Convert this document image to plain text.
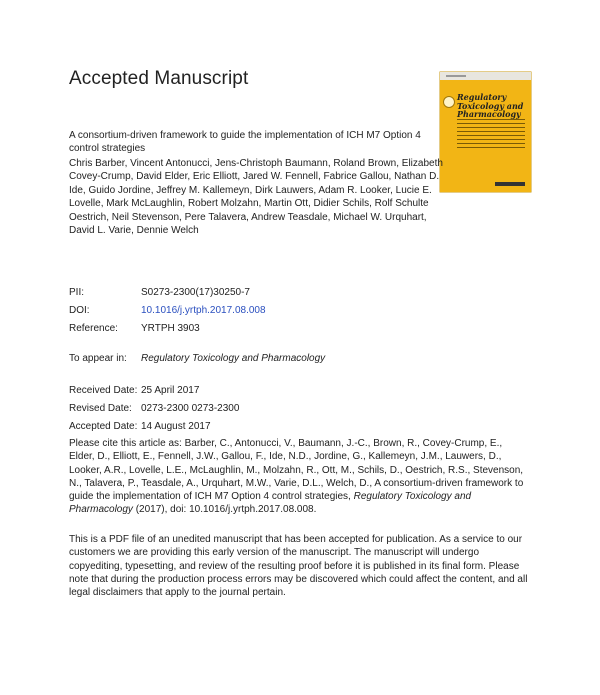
Accepted Manuscript
Regulatory Toxicology and Pharmacology
A consortium-driven framework to guide the implementation of ICH M7 Option 4 control strategies
Chris Barber, Vincent Antonucci, Jens-Christoph Baumann, Roland Brown, Elizabeth Covey-Crump, David Elder, Eric Elliott, Jared W. Fennell, Fabrice Gallou, Nathan D. Ide, Guido Jordine, Jeffrey M. Kallemeyn, Dirk Lauwers, Adam R. Looker, Lucie E. Lovelle, Mark McLaughlin, Robert Molzahn, Martin Ott, Didier Schils, Rolf Schulte Oestrich, Neil Stevenson, Pere Talavera, Andrew Teasdale, Michael W. Urquhart, David L. Varie, Dennie Welch
PII:	S0273-2300(17)30250-7
DOI:	10.1016/j.yrtph.2017.08.008
Reference: YRTPH 3903
To appear in: Regulatory Toxicology and Pharmacology
Received Date: 25 April 2017
Revised Date: 0273-2300 0273-2300
Accepted Date: 14 August 2017
Please cite this article as: Barber, C., Antonucci, V., Baumann, J.-C., Brown, R., Covey-Crump, E., Elder, D., Elliott, E., Fennell, J.W., Gallou, F., Ide, N.D., Jordine, G., Kallemeyn, J.M., Lauwers, D., Looker, A.R., Lovelle, L.E., McLaughlin, M., Molzahn, R., Ott, M., Schils, D., Oestrich, R.S., Stevenson, N., Talavera, P., Teasdale, A., Urquhart, M.W., Varie, D.L., Welch, D., A consortium-driven framework to guide the implementation of ICH M7 Option 4 control strategies, Regulatory Toxicology and Pharmacology (2017), doi: 10.1016/j.yrtph.2017.08.008.
This is a PDF file of an unedited manuscript that has been accepted for publication. As a service to our customers we are providing this early version of the manuscript. The manuscript will undergo copyediting, typesetting, and review of the resulting proof before it is published in its final form. Please note that during the production process errors may be discovered which could affect the content, and all legal disclaimers that apply to the journal pertain.
